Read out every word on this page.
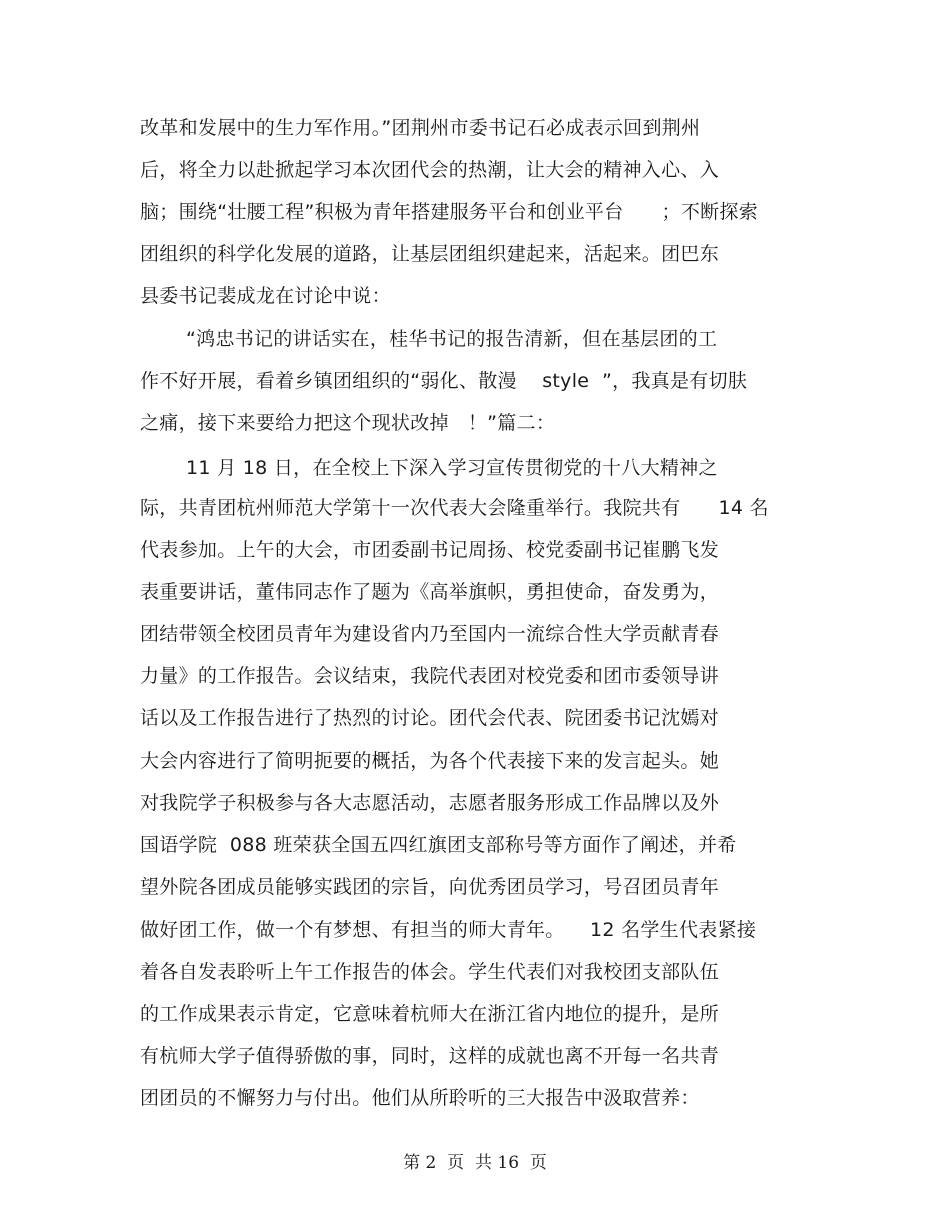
改革和发展中的生力军作用。”团荆州市委书记石必成表示回到荆州
后，将全力以赴掀起学习本次团代会的热潮，让大会的精神入心、入
脑；围绕“壮腰工程”积极为青年搭建服务平台和创业平台      ；不断探索
团组织的科学化发展的道路，让基层团组织建起来，活起来。团巴东
县委书记裴成龙在讨论中说：
“鸿忠书记的讲话实在，桂华书记的报告清新，但在基层团的工
作不好开展，看着乡镇团组织的“弱化、散漫    style  ”，我真是有切肤
之痛，接下来要给力把这个现状改掉   ！”篇二：
11 月 18 日，在全校上下深入学习宣传贯彻党的十八大精神之
际，共青团杭州师范大学第十一次代表大会隆重举行。我院共有      14 名
代表参加。上午的大会，市团委副书记周扬、校党委副书记崔鹏飞发
表重要讲话，董伟同志作了题为《高举旗帜，勇担使命，奋发勇为，
团结带领全校团员青年为建设省内乃至国内一流综合性大学贡献青春
力量》的工作报告。会议结束，我院代表团对校党委和团市委领导讲
话以及工作报告进行了热烈的讨论。团代会代表、院团委书记沈嫣对
大会内容进行了简明扼要的概括，为各个代表接下来的发言起头。她
对我院学子积极参与各大志愿活动，志愿者服务形成工作品牌以及外
国语学院  088 班荣获全国五四红旗团支部称号等方面作了阐述，并希
望外院各团成员能够实践团的宗旨，向优秀团员学习，号召团员青年
做好团工作，做一个有梦想、有担当的师大青年。    12 名学生代表紧接
着各自发表聆听上午工作报告的体会。学生代表们对我校团支部队伍
的工作成果表示肯定，它意味着杭师大在浙江省内地位的提升，是所
有杭师大学子值得骄傲的事，同时，这样的成就也离不开每一名共青
团团员的不懈努力与付出。他们从所聆听的三大报告中汲取营养：
第 2  页  共 16  页
